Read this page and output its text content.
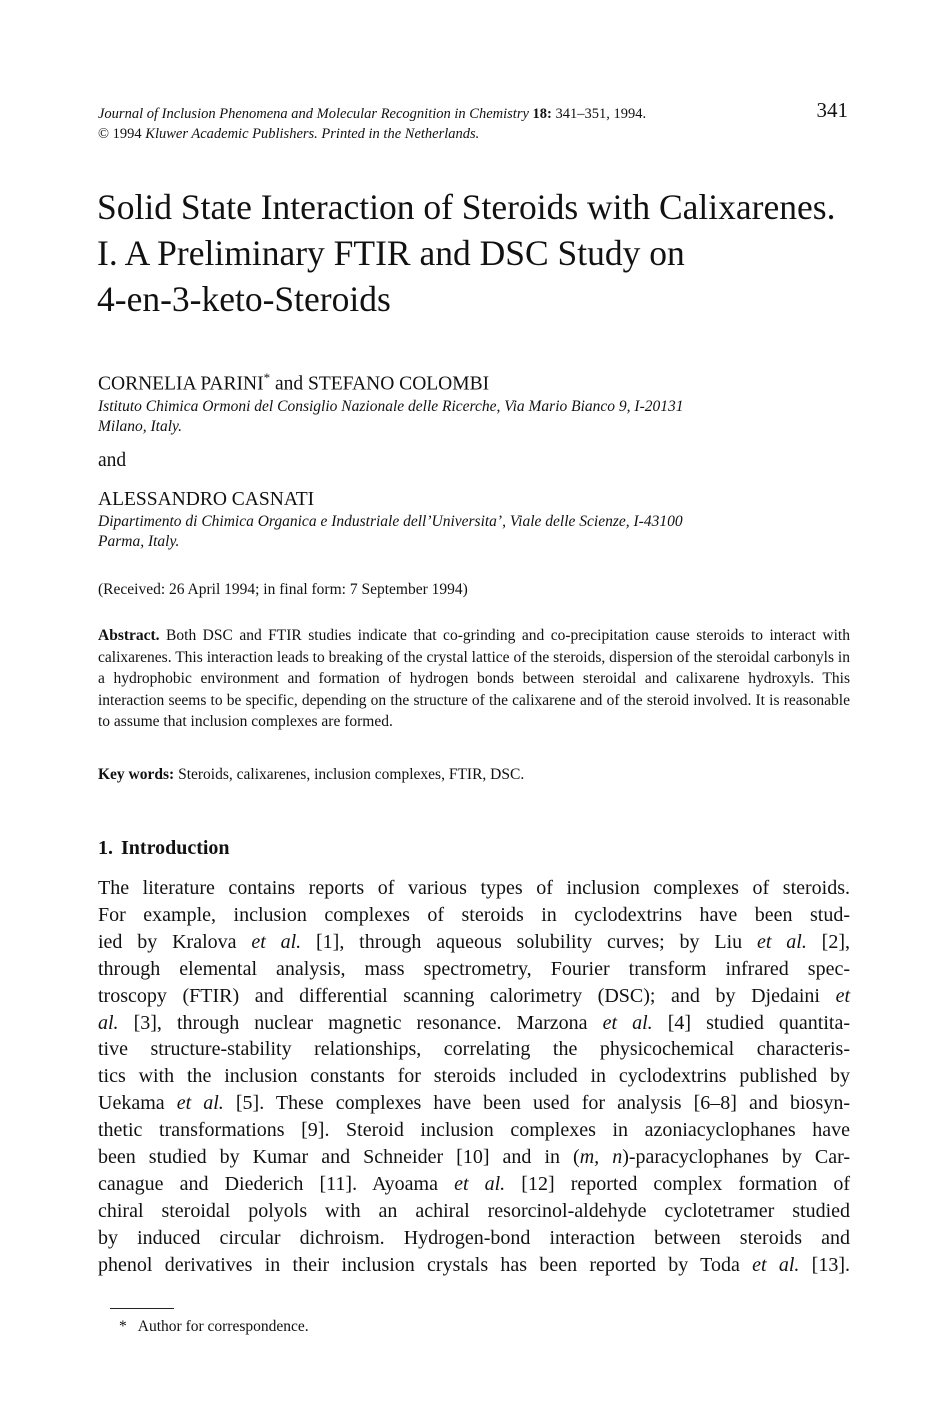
Journal of Inclusion Phenomena and Molecular Recognition in Chemistry 18: 341–351, 1994.
© 1994 Kluwer Academic Publishers. Printed in the Netherlands.
341
Solid State Interaction of Steroids with Calixarenes.
I. A Preliminary FTIR and DSC Study on
4-en-3-keto-Steroids
CORNELIA PARINI* and STEFANO COLOMBI
Istituto Chimica Ormoni del Consiglio Nazionale delle Ricerche, Via Mario Bianco 9, I-20131
Milano, Italy.
and
ALESSANDRO CASNATI
Dipartimento di Chimica Organica e Industriale dell’Universita’, Viale delle Scienze, I-43100
Parma, Italy.
(Received: 26 April 1994; in final form: 7 September 1994)

Abstract. Both DSC and FTIR studies indicate that co-grinding and co-precipitation cause steroids to interact with calixarenes. This interaction leads to breaking of the crystal lattice of the steroids, dispersion of the steroidal carbonyls in a hydrophobic environment and formation of hydrogen bonds between steroidal and calixarene hydroxyls. This interaction seems to be specific, depending on the structure of the calixarene and of the steroid involved. It is reasonable to assume that inclusion complexes are formed.

Key words: Steroids, calixarenes, inclusion complexes, FTIR, DSC.

1. Introduction
The literature contains reports of various types of inclusion complexes of steroids.
For example, inclusion complexes of steroids in cyclodextrins have been stud-
ied by Kralova et al. [1], through aqueous solubility curves; by Liu et al. [2],
through elemental analysis, mass spectrometry, Fourier transform infrared spec-
troscopy (FTIR) and differential scanning calorimetry (DSC); and by Djedaini et
al. [3], through nuclear magnetic resonance. Marzona et al. [4] studied quantita-
tive structure-stability relationships, correlating the physicochemical characteris-
tics with the inclusion constants for steroids included in cyclodextrins published by
Uekama et al. [5]. These complexes have been used for analysis [6–8] and biosyn-
thetic transformations [9]. Steroid inclusion complexes in azoniacyclophanes have
been studied by Kumar and Schneider [10] and in (m, n)-paracyclophanes by Car-
canague and Diederich [11]. Ayoama et al. [12] reported complex formation of
chiral steroidal polyols with an achiral resorcinol-aldehyde cyclotetramer studied
by induced circular dichroism. Hydrogen-bond interaction between steroids and
phenol derivatives in their inclusion crystals has been reported by Toda et al. [13].
* Author for correspondence.
